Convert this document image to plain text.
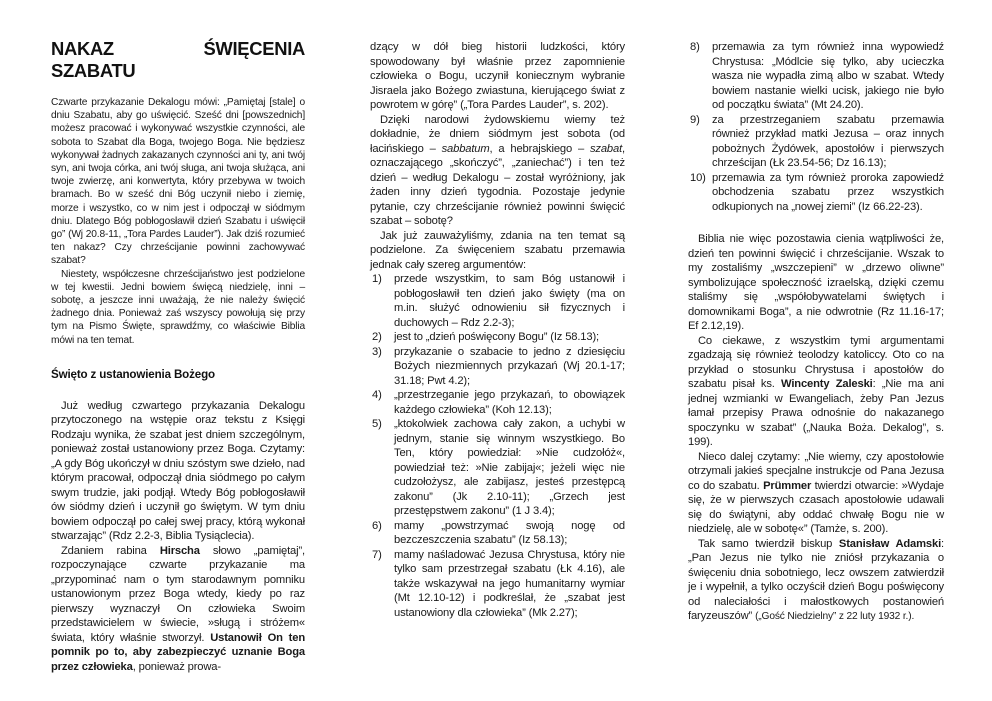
NAKAZ ŚWIĘCENIA SZABATU

Czwarte przykazanie Dekalogu mówi: „Pamiętaj [stale] o dniu Szabatu, aby go uświęcić. Sześć dni [powszednich] możesz pracować i wykonywać wszystkie czynności, ale sobota to Szabat dla Boga, twojego Boga. Nie będziesz wykonywał żadnych zakazanych czynności ani ty, ani twój syn, ani twoja córka, ani twój sługa, ani twoja służąca, ani twoje zwierzę, ani konwertyta, który przebywa w twoich bramach. Bo w sześć dni Bóg uczynił niebo i ziemię, morze i wszystko, co w nim jest i odpoczął w siódmym dniu. Dlatego Bóg pobłogosławił dzień Szabatu i uświęcił go” (Wj 20.8-11, „Tora Pardes Lauder”). Jak dziś rozumieć ten nakaz? Czy chrześcijanie powinni zachowywać szabat?

Niestety, współczesne chrześcijaństwo jest podzielone w tej kwestii. Jedni bowiem święcą niedzielę, inni – sobotę, a jeszcze inni uważają, że nie należy święcić żadnego dnia. Ponieważ zaś wszyscy powołują się przy tym na Pismo Święte, sprawdźmy, co właściwie Biblia mówi na ten temat.

Święto z ustanowienia Bożego

Już według czwartego przykazania Dekalogu przytoczonego na wstępie oraz tekstu z Księgi Rodzaju wynika, że szabat jest dniem szczególnym, ponieważ został ustanowiony przez Boga. Czytamy: „A gdy Bóg ukończył w dniu szóstym swe dzieło, nad którym pracował, odpoczął dnia siódmego po całym swym trudzie, jaki podjął. Wtedy Bóg pobłogosławił ów siódmy dzień i uczynił go świętym. W tym dniu bowiem odpoczął po całej swej pracy, którą wykonał stwarzając” (Rdz 2.2-3, Biblia Tysiąclecia).

Zdaniem rabina Hirscha słowo „pamiętaj”, rozpoczynające czwarte przykazanie ma „przypominać nam o tym starodawnym pomniku ustanowionym przez Boga wtedy, kiedy po raz pierwszy wyznaczył On człowieka Swoim przedstawicielem w świecie, »sługą i stróżem« świata, który właśnie stworzył. Ustanowił On ten pomnik po to, aby zabezpieczyć uznanie Boga przez człowieka, ponieważ prowa-

dzący w dół bieg historii ludzkości, który spowodowany był właśnie przez zapomnienie człowieka o Bogu, uczynił koniecznym wybranie Jisraela jako Bożego zwiastuna, kierującego świat z powrotem w górę” („Tora Pardes Lauder”, s. 202).

Dzięki narodowi żydowskiemu wiemy też dokładnie, że dniem siódmym jest sobota (od łacińskiego – sabbatum, a hebrajskiego – szabat, oznaczającego „skończyć”, „zaniechać”) i ten też dzień – według Dekalogu – został wyróżniony, jak żaden inny dzień tygodnia. Pozostaje jedynie pytanie, czy chrześcijanie również powinni święcić szabat – sobotę?

Jak już zauważyliśmy, zdania na ten temat są podzielone. Za święceniem szabatu przemawia jednak cały szereg argumentów:

1) przede wszystkim, to sam Bóg ustanowił i pobłogosławił ten dzień jako święty (ma on m.in. służyć odnowieniu sił fizycznych i duchowych – Rdz 2.2-3);
2) jest to „dzień poświęcony Bogu” (Iz 58.13);
3) przykazanie o szabacie to jedno z dziesięciu Bożych niezmiennych przykazań (Wj 20.1-17; 31.18; Pwt 4.2);
4) „przestrzeganie jego przykazań, to obowiązek każdego człowieka” (Koh 12.13);
5) „ktokolwiek zachowa cały zakon, a uchybi w jednym, stanie się winnym wszystkiego. Bo Ten, który powiedział: »Nie cudzołóż«, powiedział też: »Nie zabijaj«; jeżeli więc nie cudzołożysz, ale zabijasz, jesteś przestępcą zakonu” (Jk 2.10-11); „Grzech jest przestępstwem zakonu” (1 J 3.4);
6) mamy „powstrzymać swoją nogę od bezczeszczenia szabatu” (Iz 58.13);
7) mamy naśladować Jezusa Chrystusa, który nie tylko sam przestrzegał szabatu (Łk 4.16), ale także wskazywał na jego humanitarny wymiar (Mt 12.10-12) i podkreślał, że „szabat jest ustanowiony dla człowieka” (Mk 2.27);
8) przemawia za tym również inna wypowiedź Chrystusa: „Módlcie się tylko, aby ucieczka wasza nie wypadła zimą albo w szabat. Wtedy bowiem nastanie wielki ucisk, jakiego nie było od początku świata” (Mt 24.20).
9) za przestrzeganiem szabatu przemawia również przykład matki Jezusa – oraz innych pobożnych Żydówek, apostołów i pierwszych chrześcijan (Łk 23.54-56; Dz 16.13);
10) przemawia za tym również proroka zapowiedź obchodzenia szabatu przez wszystkich odkupionych na „nowej ziemi” (Iz 66.22-23).

Biblia nie więc pozostawia cienia wątpliwości że, dzień ten powinni święcić i chrześcijanie. Wszak to my zostaliśmy „wszczepieni” w „drzewo oliwne” symbolizujące społeczność izraelską, dzięki czemu staliśmy się „współobywatelami świętych i domownikami Boga”, a nie odwrotnie (Rz 11.16-17; Ef 2.12,19).

Co ciekawe, z wszystkim tymi argumentami zgadzają się również teolodzy katoliccy. Oto co na przykład o stosunku Chrystusa i apostołów do szabatu pisał ks. Wincenty Zaleski: „Nie ma ani jednej wzmianki w Ewangeliach, żeby Pan Jezus łamał przepisy Prawa odnośnie do nakazanego spoczynku w szabat” („Nauka Boża. Dekalog”, s. 199).

Nieco dalej czytamy: „Nie wiemy, czy apostołowie otrzymali jakieś specjalne instrukcje od Pana Jezusa co do szabatu. Prümmer twierdzi otwarcie: »Wydaje się, że w pierwszych czasach apostołowie udawali się do świątyni, aby oddać chwałę Bogu nie w niedzielę, ale w sobotę«” (Tamże, s. 200).

Tak samo twierdził biskup Stanisław Adamski: „Pan Jezus nie tylko nie zniósł przykazania o święceniu dnia sobotniego, lecz owszem zatwierdził je i wypełnił, a tylko oczyścił dzień Bogu poświęcony od naleciałości i małostkowych postanowień faryzeuszów” („Gość Niedzielny” z 22 luty 1932 r.).
